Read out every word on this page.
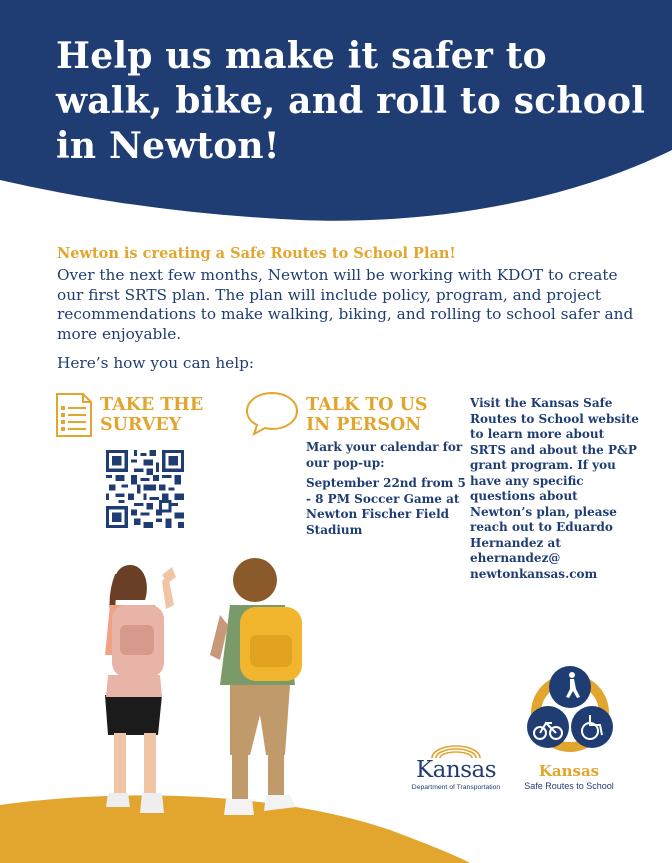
Help us make it safer to walk, bike, and roll to school in Newton!
Newton is creating a Safe Routes to School Plan!
Over the next few months, Newton will be working with KDOT to create our first SRTS plan. The plan will include policy, program, and project recommendations to make walking, biking, and rolling to school safer and more enjoyable.
Here’s how you can help:
TAKE THE SURVEY
TALK TO US IN PERSON
Mark your calendar for our pop-up:
September 22nd from 5 - 8 PM Soccer Game at Newton Fischer Field Stadium
Visit the Kansas Safe Routes to School website to learn more about SRTS and about the P&P grant program. If you have any specific questions about Newton’s plan, please reach out to Eduardo Hernandez at ehernandez@ newtonkansas.com
Kansas
Department of Transportation
Kansas
Safe Routes to School
